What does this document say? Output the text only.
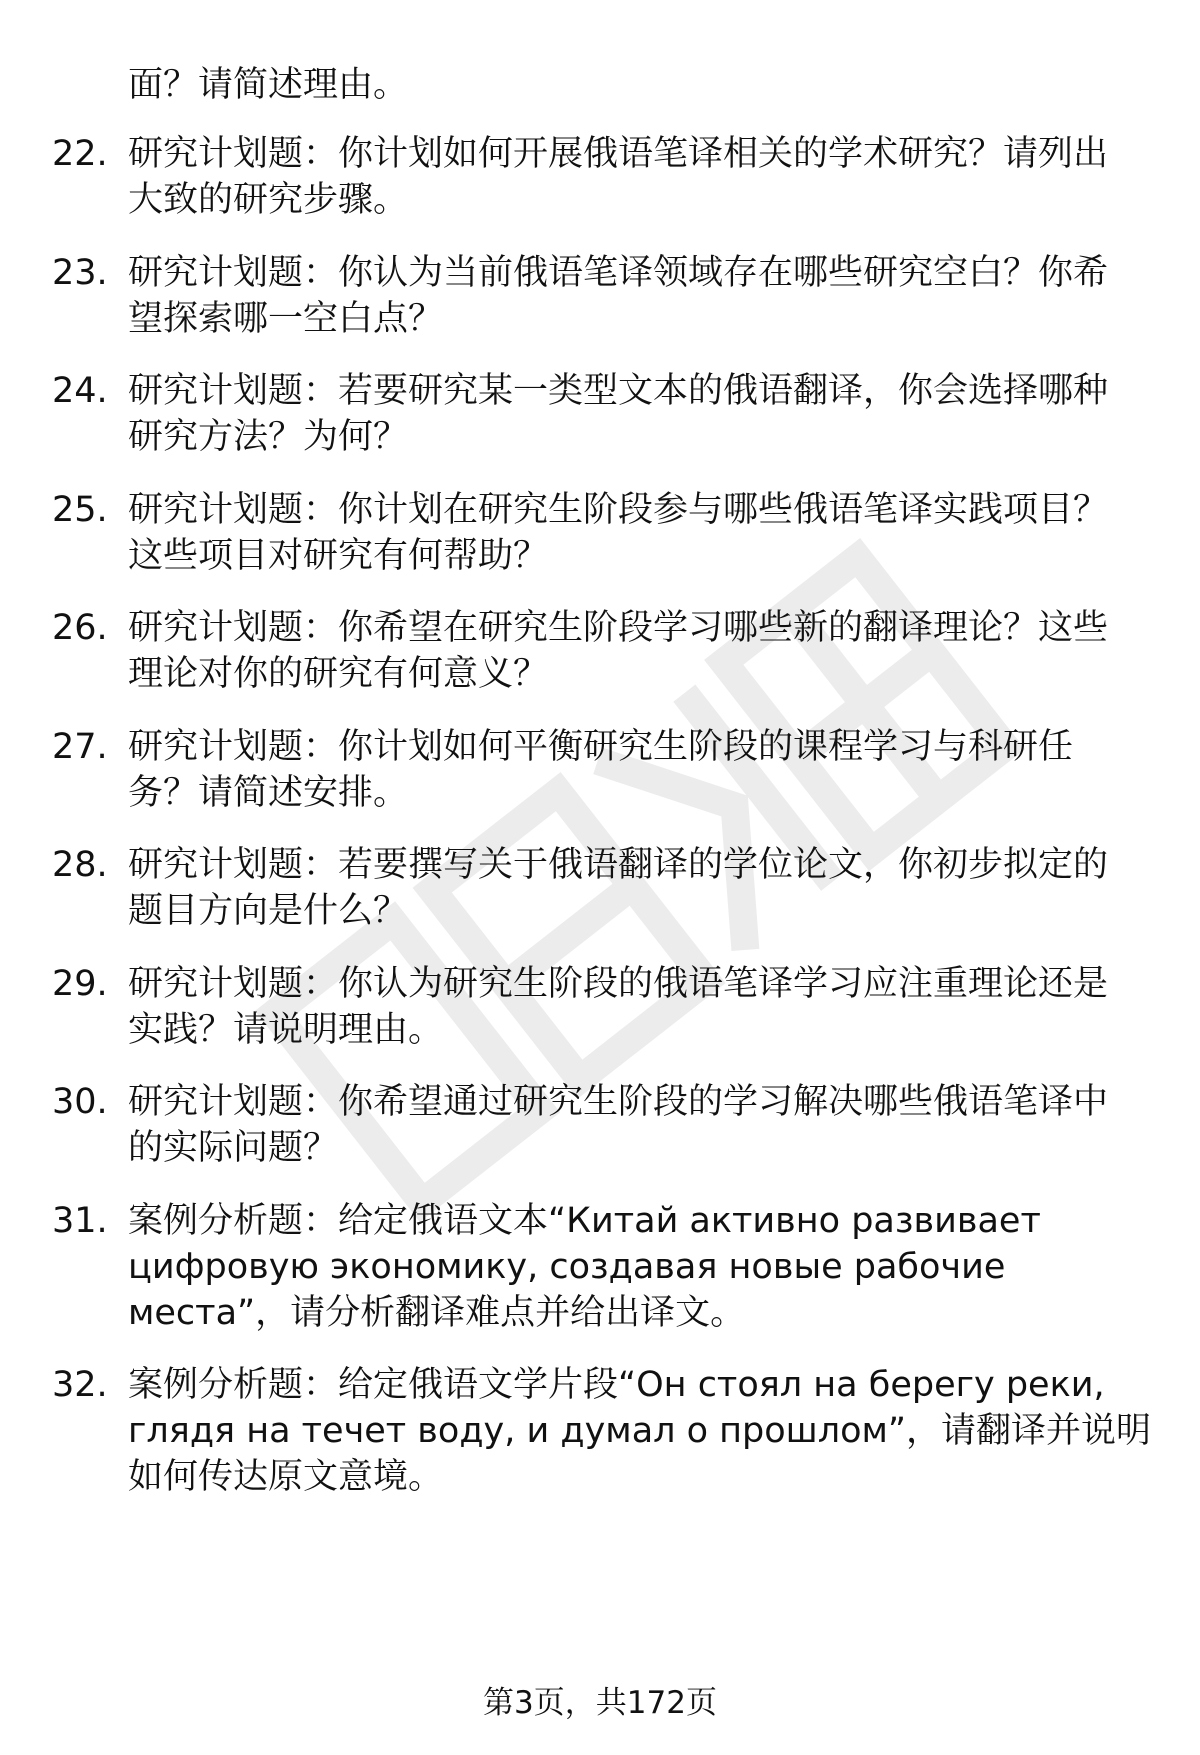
面？请简述理由。
22. 研究计划题：你计划如何开展俄语笔译相关的学术研究？请列出
大致的研究步骤。
23. 研究计划题：你认为当前俄语笔译领域存在哪些研究空白？你希
望探索哪一空白点？
24. 研究计划题：若要研究某一类型文本的俄语翻译，你会选择哪种
研究方法？为何？
25. 研究计划题：你计划在研究生阶段参与哪些俄语笔译实践项目？
这些项目对研究有何帮助？
26. 研究计划题：你希望在研究生阶段学习哪些新的翻译理论？这些
理论对你的研究有何意义？
27. 研究计划题：你计划如何平衡研究生阶段的课程学习与科研任
务？请简述安排。
28. 研究计划题：若要撰写关于俄语翻译的学位论文，你初步拟定的
题目方向是什么？
29. 研究计划题：你认为研究生阶段的俄语笔译学习应注重理论还是
实践？请说明理由。
30. 研究计划题：你希望通过研究生阶段的学习解决哪些俄语笔译中
的实际问题？
31. 案例分析题：给定俄语文本“Китай активно развивает
цифровую экономику, создавая новые рабочие
места”，请分析翻译难点并给出译文。
32. 案例分析题：给定俄语文学片段“Он стоял на берегу реки,
глядя на течет воду, и думал о прошлом”，请翻译并说明
如何传达原文意境。
第3页，共172页
